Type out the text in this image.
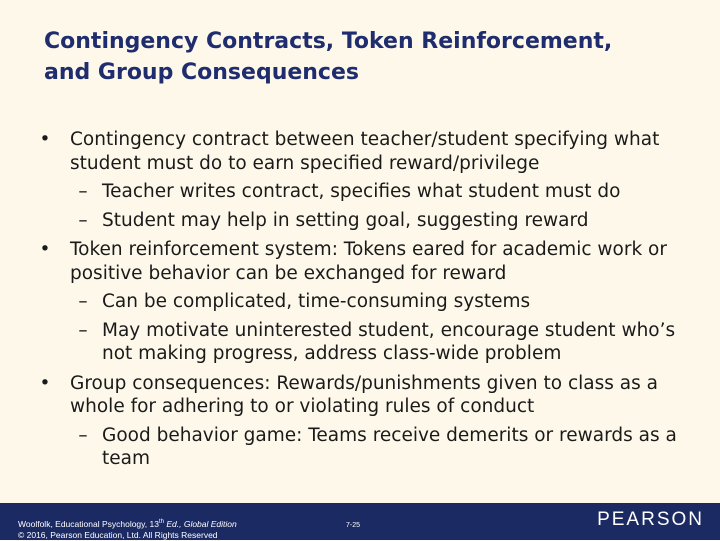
Contingency Contracts, Token Reinforcement,
and Group Consequences
•	Contingency contract between teacher/student specifying what student must do to earn specified reward/privilege
– Teacher writes contract, specifies what student must do
– Student may help in setting goal, suggesting reward
•	Token reinforcement system: Tokens eared for academic work or positive behavior can be exchanged for reward
– Can be complicated, time-consuming systems
– May motivate uninterested student, encourage student who’s not making progress, address class-wide problem
•	Group consequences: Rewards/punishments given to class as a whole for adhering to or violating rules of conduct
– Good behavior game: Teams receive demerits or rewards as a team
Woolfolk, Educational Psychology, 13th Ed., Global Edition
© 2016, Pearson Education, Ltd. All Rights Reserved
7-25	PEARSON
